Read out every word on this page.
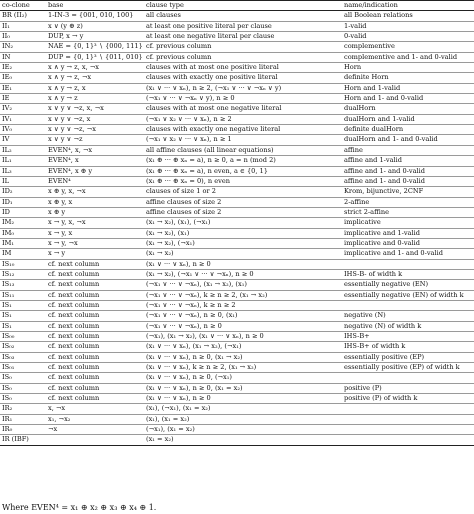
co-clone	base	clause type	name/indication
BR (II₂)	1-IN-3 = {001, 010, 100}	all clauses	all Boolean relations
II₁	x ∨ (y ⊕ z)	at least one positive literal per clause	1-valid
II₀	DUP, x → y	at least one negative literal per clause	0-valid
IN₂	NAE = {0, 1}³ ∖ {000, 111}	cf. previous column	complementive
IN	DUP = {0, 1}³ ∖ {011, 010}	cf. previous column	complementive and 1- and 0-valid
IE₂	x ∧ y → z, x, ¬x	clauses with at most one positive literal	Horn
IE₀	x ∧ y → z, ¬x	clauses with exactly one positive literal	definite Horn
IE₁	x ∧ y → z, x	(x₁ ∨ ··· ∨ xₙ), n ≥ 2, (¬x₁ ∨ ··· ∨ ¬xₙ ∨ y)	Horn and 1-valid
IE	x ∧ y → z	(¬x₁ ∨ ··· ∨ ¬xₙ ∨ y), n ≥ 0	Horn and 1- and 0-valid
IV₂	x ∨ y ∨ ¬z, x, ¬x	clauses with at most one negative literal	dualHorn
IV₁	x ∨ y ∨ ¬z, x	(¬x₁ ∨ x₂ ∨ ··· ∨ xₙ), n ≥ 2	dualHorn and 1-valid
IV₀	x ∨ y ∨ ¬z, ¬x	clauses with exactly one negative literal	definite dualHorn
IV	x ∨ y ∨ ¬z	(¬x₁ ∨ x₂ ∨ ··· ∨ xₙ), n ≥ 1	dualHorn and 1- and 0-valid
IL₂	EVEN⁴, x, ¬x	all affine clauses (all linear equations)	affine
IL₁	EVEN⁴, x	(x₁ ⊕ ··· ⊕ xₙ = a), n ≥ 0, a = n (mod 2)	affine and 1-valid
IL₃	EVEN⁴, x ⊕ y	(x₁ ⊕ ··· ⊕ xₙ = a), n even, a ∈ {0, 1}	affine and 1- and 0-valid
IL	EVEN⁴	(x₁ ⊕ ··· ⊕ xₙ = 0), n even	affine and 1- and 0-valid
ID₂	x ⊕ y, x, ¬x	clauses of size 1 or 2	Krom, bijunctive, 2CNF
ID₁	x ⊕ y, x	affine clauses of size 2	2-affine
ID	x ⊕ y	affine clauses of size 2	strict 2-affine
IM₂	x → y, x, ¬x	(x₁ → x₂), (x₁), (¬x₁)	implicative
IM₀	x → y, x	(x₁ → x₂), (x₁)	implicative and 1-valid
IM₁	x → y, ¬x	(x₁ → x₂), (¬x₁)	implicative and 0-valid
IM	x → y	(x₁ → x₂)	implicative and 1- and 0-valid
IS₁₀	cf. next column	(x₁ ∨ ··· ∨ xₙ), n ≥ 0	
IS₁₂	cf. next column	(x₁ → x₂), (¬x₁ ∨ ··· ∨ ¬xₙ), n ≥ 0	IHS-B- of width k
IS₁₃	cf. next column	(¬x₁ ∨ ··· ∨ ¬xₙ), (x₁ → x₂), (x₁)	essentially negative (EN)
IS₁₁	cf. next column	(¬x₁ ∨ ··· ∨ ¬xₙ), k ≥ n ≥ 2, (x₁ → x₂)	essentially negative (EN) of width k
IS₁	cf. next column	(¬x₁ ∨ ··· ∨ ¬xₙ), k ≥ n ≥ 2	
IS₁	cf. next column	(¬x₁ ∨ ··· ∨ ¬xₙ), n ≥ 0, (x₁)	negative (N)
IS₁	cf. next column	(¬x₁ ∨ ··· ∨ ¬xₙ), n ≥ 0	negative (N) of width k
IS₀₀	cf. next column	(¬x₁), (x₁ → x₂), (x₁ ∨ ··· ∨ xₙ), n ≥ 0	IHS-B+
IS₀₂	cf. next column	(x₁ ∨ ··· ∨ xₙ), (x₁ → x₂), (¬x₁)	IHS-B+ of width k
IS₀₃	cf. next column	(x₁ ∨ ··· ∨ xₙ), n ≥ 0, (x₁ → x₂)	essentially positive (EP)
IS₀₁	cf. next column	(x₁ ∨ ··· ∨ xₙ), k ≥ n ≥ 2, (x₁ → x₂)	essentially positive (EP) of width k
IS₀	cf. next column	(x₁ ∨ ··· ∨ xₙ), n ≥ 0, (¬x₁)	
IS₀	cf. next column	(x₁ ∨ ··· ∨ xₙ), n ≥ 0, (x₁ = x₂)	positive (P)
IS₀	cf. next column	(x₁ ∨ ··· ∨ xₙ), n ≥ 0	positive (P) of width k
IR₂	x, ¬x	(x₁), (¬x₁), (x₁ = x₂)	
IR₁	x₁, ¬x₂	(x₁), (x₁ = x₂)	
IR₀	¬x	(¬x₁), (x₁ = x₂)	
IR (IBF)		(x₁ = x₂)	
Where EVEN⁴ = x₁ ⊕ x₂ ⊕ x₃ ⊕ x₄ ⊕ 1.
